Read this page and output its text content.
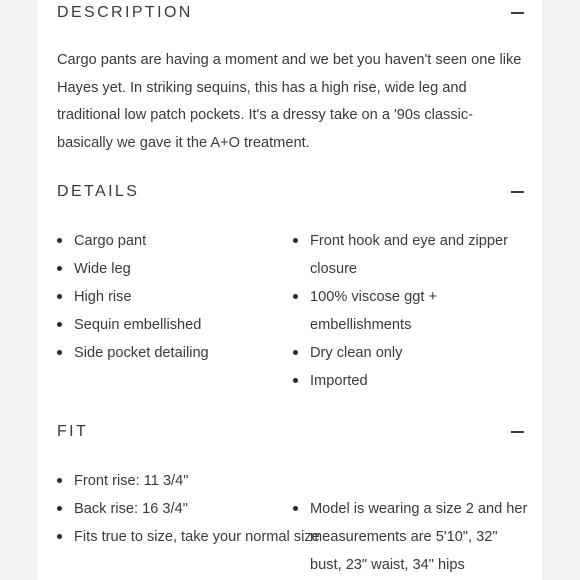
DESCRIPTION
Cargo pants are having a moment and we bet you haven't seen one like Hayes yet. In striking sequins, this has a high rise, wide leg and traditional low patch pockets. It's a dressy take on a '90s classic-basically we gave it the A+O treatment.
DETAILS
Cargo pant
Wide leg
High rise
Sequin embellished
Side pocket detailing
Front hook and eye and zipper closure
100% viscose ggt + embellishments
Dry clean only
Imported
FIT
Front rise: 11 3/4"
Back rise: 16 3/4"
Fits true to size, take your normal size
Model is wearing a size 2 and her measurements are 5'10", 32" bust, 23" waist, 34" hips
